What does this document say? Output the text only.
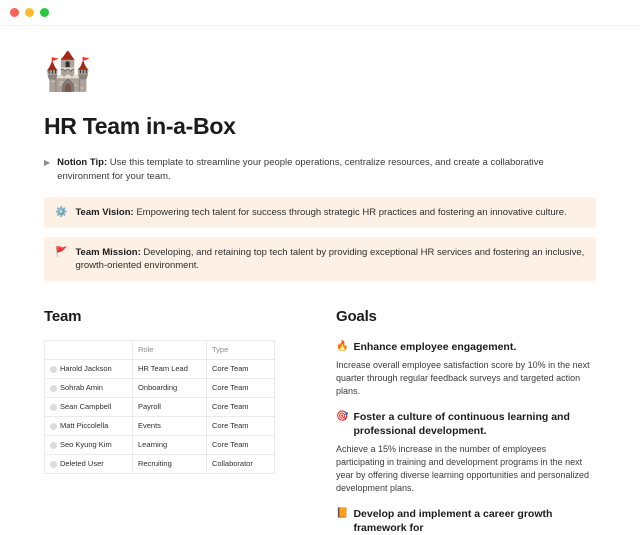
🏰
HR Team in-a-Box
▶ Notion Tip: Use this template to streamline your people operations, centralize resources, and create a collaborative environment for your team.
⚙️ Team Vision: Empowering tech talent for success through strategic HR practices and fostering an innovative culture.
🚩 Team Mission: Developing, and retaining top tech talent by providing exceptional HR services and fostering an inclusive, growth-oriented environment.
Team
	Role	Type

Harold Jackson	HR Team Lead	Core Team

Sohrab Amin	Onboarding	Core Team

Sean Campbell	Payroll	Core Team

Matt Piccolella	Events	Core Team

Seo Kyung Kim	Learning	Core Team

Deleted User	Recruiting	Collaborator
Goals
🔥 Enhance employee engagement.
Increase overall employee satisfaction score by 10% in the next quarter through regular feedback surveys and targeted action plans.
🎯 Foster a culture of continuous learning and professional development.
Achieve a 15% increase in the number of employees participating in training and development programs in the next year by offering diverse learning opportunities and personalized development plans.
📙 Develop and implement a career growth framework for
